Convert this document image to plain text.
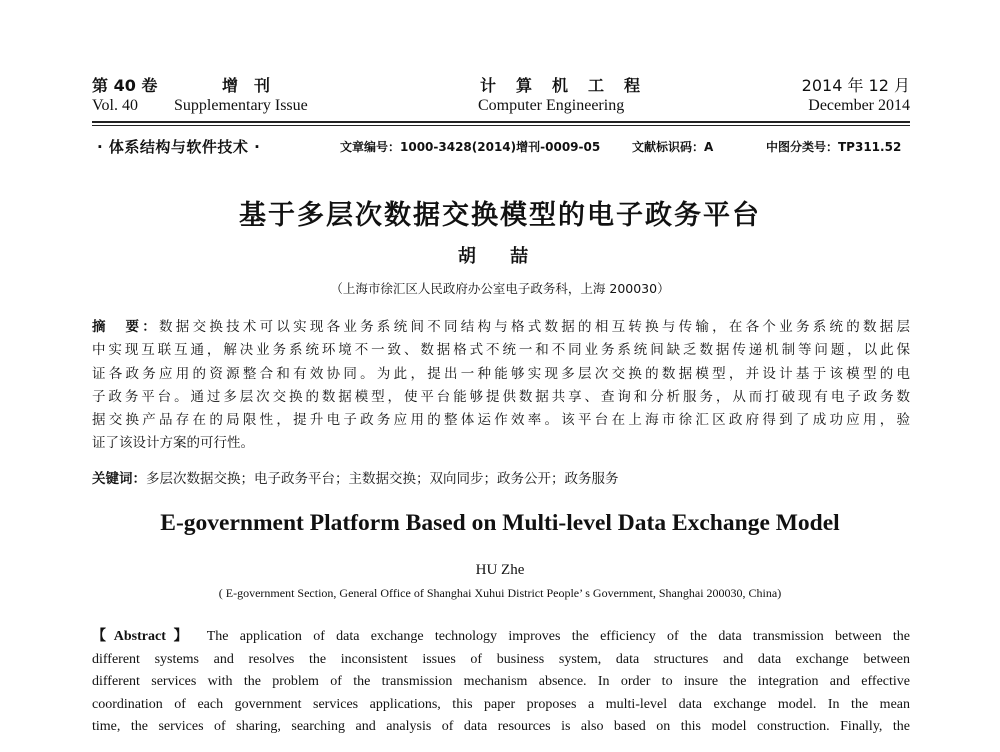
第 40 卷	增　刊	计　算　机　工　程	2014 年 12 月
Vol. 40 Supplementary Issue	Computer Engineering	December 2014
· 体系结构与软件技术 ·	文章编号：1000-3428(2014)增刊-0009-05	文献标识码：A	中图分类号：TP311.52
基于多层次数据交换模型的电子政务平台
胡 喆
（上海市徐汇区人民政府办公室电子政务科，上海 200030）
摘　要：数据交换技术可以实现各业务系统间不同结构与格式数据的相互转换与传输，在各个业务系统的数据层
中实现互联互通，解决业务系统环境不一致、数据格式不统一和不同业务系统间缺乏数据传递机制等问题，以此保
证各政务应用的资源整合和有效协同。为此，提出一种能够实现多层次交换的数据模型，并设计基于该模型的电
子政务平台。通过多层次交换的数据模型，使平台能够提供数据共享、查询和分析服务，从而打破现有电子政务数
据交换产品存在的局限性，提升电子政务应用的整体运作效率。该平台在上海市徐汇区政府得到了成功应用，验
证了该设计方案的可行性。
关键词：多层次数据交换；电子政务平台；主数据交换；双向同步；政务公开；政务服务
E-government Platform Based on Multi-level Data Exchange Model
HU Zhe
( E-government Section, General Office of Shanghai Xuhui District People’ s Government, Shanghai 200030, China)
【Abstract】 The application of data exchange technology improves the efficiency of the data transmission between the
different systems and resolves the inconsistent issues of business system, data structures and data exchange between
different services with the problem of the transmission mechanism absence. In order to insure the integration and effective
coordination of each government services applications, this paper proposes a multi-level data exchange model. In the mean
time, the services of sharing, searching and analysis of data resources is also based on this model construction. Finally, the
